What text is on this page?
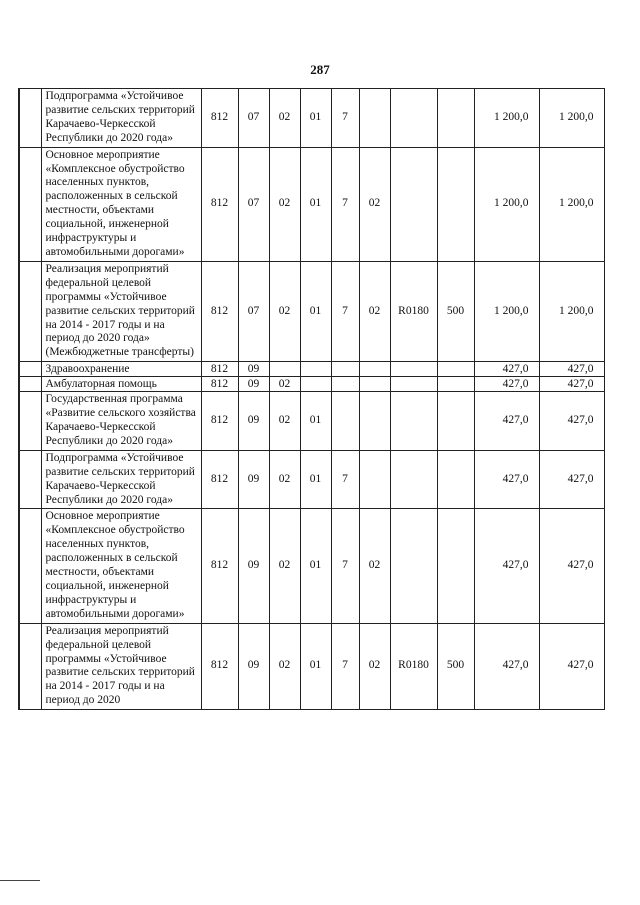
287
	Подпрограмма «Устойчивое развитие сельских территорий Карачаево-Черкесской Республики до 2020 года»	812	07	02	01	7				1 200,0	1 200,0
	Основное мероприятие «Комплексное обустройство населенных пунктов, расположенных в сельской местности, объектами социальной, инженерной инфраструктуры и автомобильными дорогами»	812	07	02	01	7	02			1 200,0	1 200,0
	Реализация мероприятий федеральной целевой программы «Устойчивое развитие сельских территорий на 2014 - 2017 годы и на период до 2020 года» (Межбюджетные трансферты)	812	07	02	01	7	02	R0180	500	1 200,0	1 200,0
	Здравоохранение	812	09							427,0	427,0
	Амбулаторная помощь	812	09	02						427,0	427,0
	Государственная программа «Развитие сельского хозяйства Карачаево-Черкесской Республики до 2020 года»	812	09	02	01					427,0	427,0
	Подпрограмма «Устойчивое развитие сельских территорий Карачаево-Черкесской Республики до 2020 года»	812	09	02	01	7				427,0	427,0
	Основное мероприятие «Комплексное обустройство населенных пунктов, расположенных в сельской местности, объектами социальной, инженерной инфраструктуры и автомобильными дорогами»	812	09	02	01	7	02			427,0	427,0
	Реализация мероприятий федеральной целевой программы «Устойчивое развитие сельских территорий на 2014 - 2017 годы и на период до 2020	812	09	02	01	7	02	R0180	500	427,0	427,0
